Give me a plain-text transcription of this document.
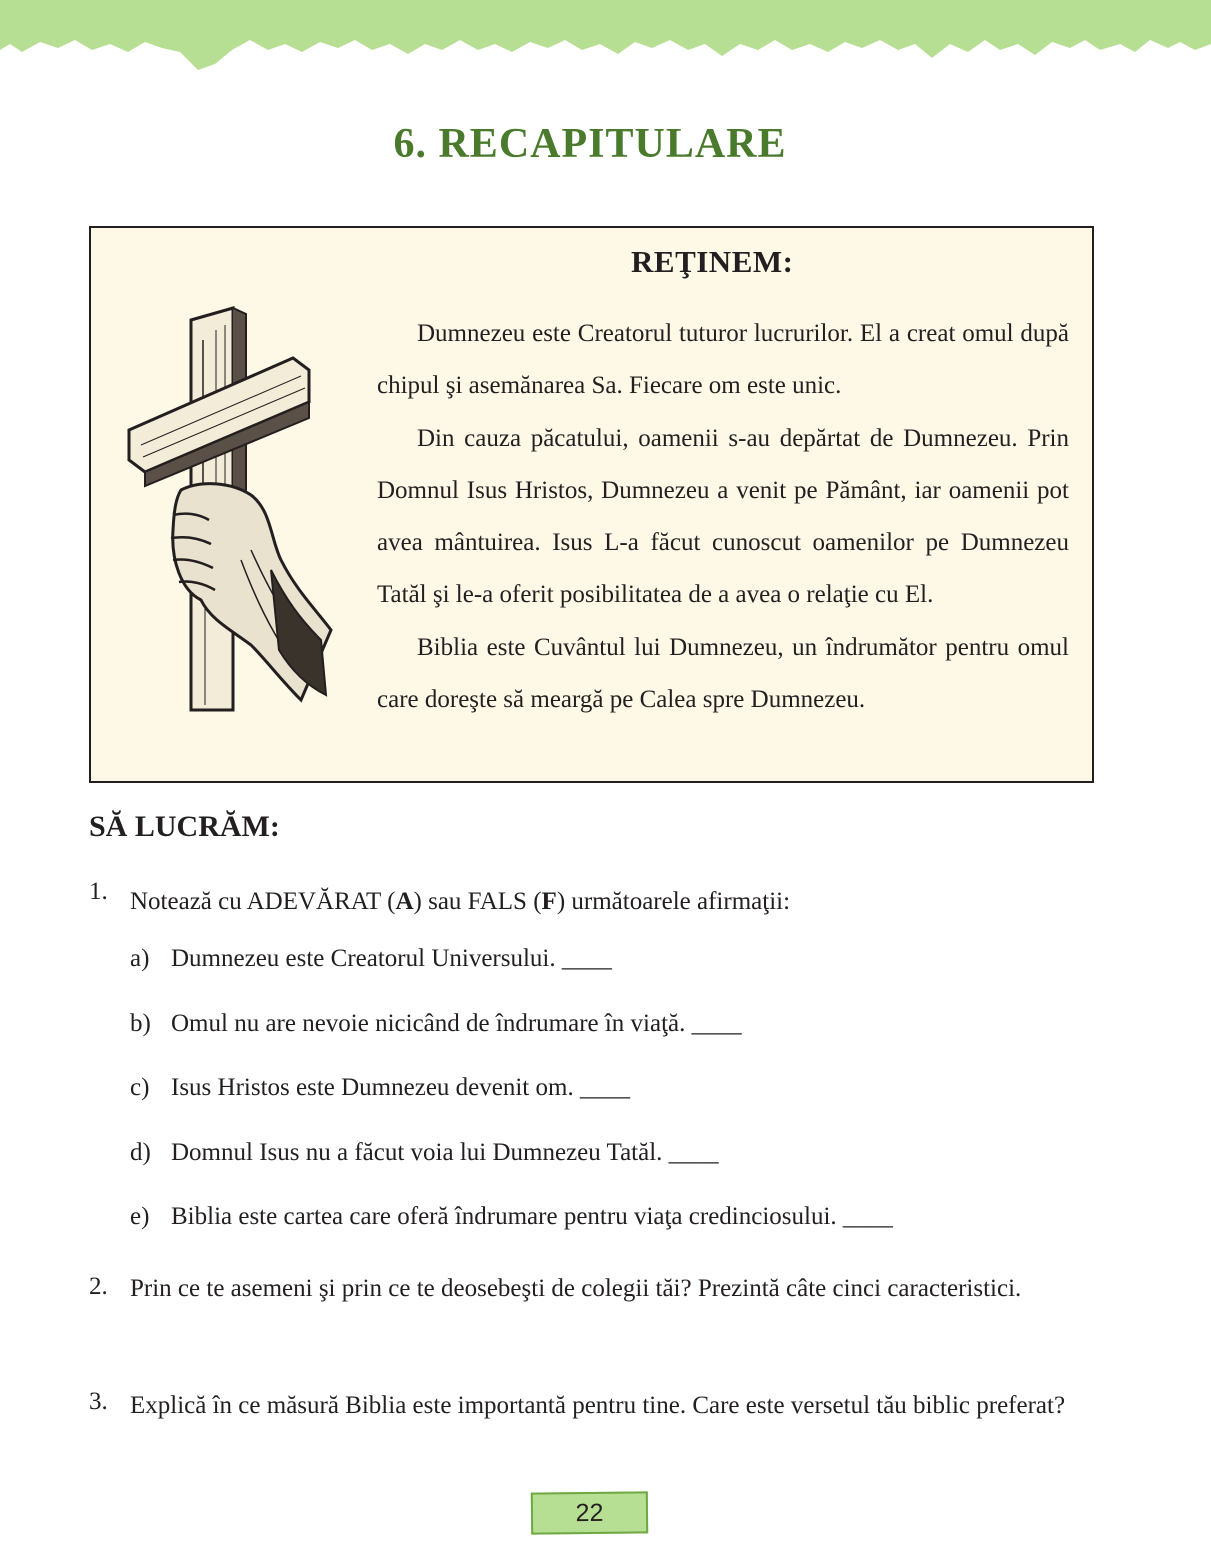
6. RECAPITULARE
REŢINEM:

Dumnezeu este Creatorul tuturor lucrurilor. El a creat omul după chipul şi asemănarea Sa. Fiecare om este unic.

Din cauza păcatului, oamenii s-au depărtat de Dumnezeu. Prin Domnul Isus Hristos, Dumnezeu a venit pe Pământ, iar oamenii pot avea mântuirea. Isus L-a făcut cunoscut oamenilor pe Dumnezeu Tatăl şi le-a oferit posibilitatea de a avea o relaţie cu El.

Biblia este Cuvântul lui Dumnezeu, un îndrumător pentru omul care doreşte să meargă pe Calea spre Dumnezeu.

SĂ LUCRĂM:
1. Notează cu ADEVĂRAT (A) sau FALS (F) următoarele afirmaţii:
a) Dumnezeu este Creatorul Universului. ____
b) Omul nu are nevoie nicicând de îndrumare în viaţă. ____
c) Isus Hristos este Dumnezeu devenit om. ____
d) Domnul Isus nu a făcut voia lui Dumnezeu Tatăl. ____
e) Biblia este cartea care oferă îndrumare pentru viaţa credinciosului. ____
2. Prin ce te asemeni şi prin ce te deosebeşti de colegii tăi? Prezintă câte cinci caracteristici.
3. Explică în ce măsură Biblia este importantă pentru tine. Care este versetul tău biblic preferat?
22
